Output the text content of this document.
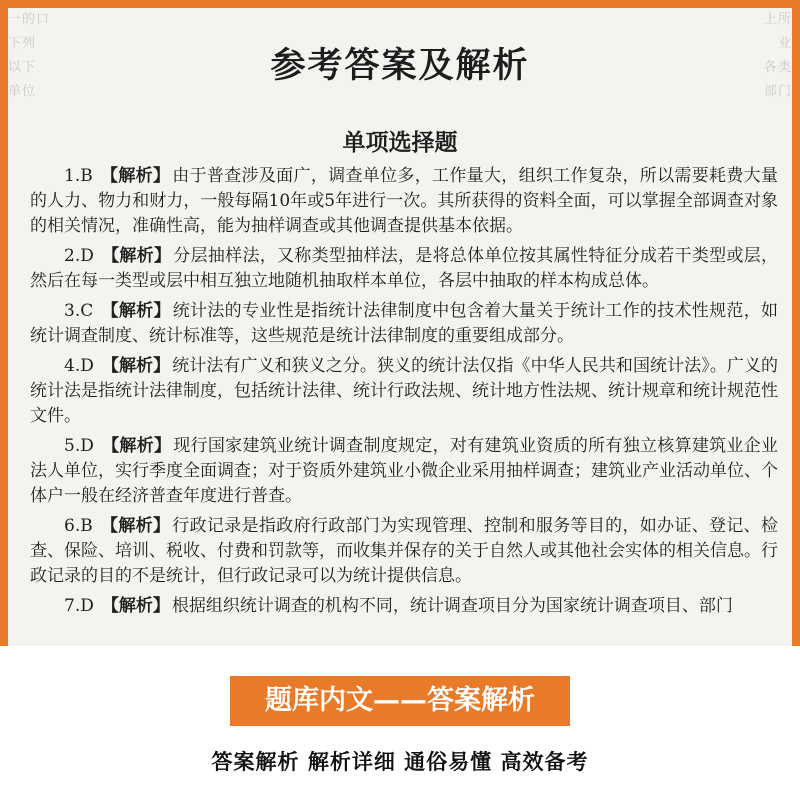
一的口
下列
以下
单位
上所
业
各类
部门
参考答案及解析
单项选择题

1.B 【解析】 由于普查涉及面广，调查单位多，工作量大，组织工作复杂，所以需要耗费大量的人力、物力和财力，一般每隔10年或5年进行一次。其所获得的资料全面，可以掌握全部调查对象的相关情况，准确性高，能为抽样调查或其他调查提供基本依据。

2.D 【解析】 分层抽样法，又称类型抽样法，是将总体单位按其属性特征分成若干类型或层，然后在每一类型或层中相互独立地随机抽取样本单位，各层中抽取的样本构成总体。

3.C 【解析】 统计法的专业性是指统计法律制度中包含着大量关于统计工作的技术性规范，如统计调查制度、统计标准等，这些规范是统计法律制度的重要组成部分。

4.D 【解析】 统计法有广义和狭义之分。狭义的统计法仅指《中华人民共和国统计法》。广义的统计法是指统计法律制度，包括统计法律、统计行政法规、统计地方性法规、统计规章和统计规范性文件。

5.D 【解析】 现行国家建筑业统计调查制度规定，对有建筑业资质的所有独立核算建筑业企业法人单位，实行季度全面调查；对于资质外建筑业小微企业采用抽样调查；建筑业产业活动单位、个体户一般在经济普查年度进行普查。

6.B 【解析】 行政记录是指政府行政部门为实现管理、控制和服务等目的，如办证、登记、检查、保险、培训、税收、付费和罚款等，而收集并保存的关于自然人或其他社会实体的相关信息。行政记录的目的不是统计，但行政记录可以为统计提供信息。

7.D 【解析】 根据组织统计调查的机构不同，统计调查项目分为国家统计调查项目、部门

题库内文——答案解析
答案解析 解析详细 通俗易懂 高效备考
